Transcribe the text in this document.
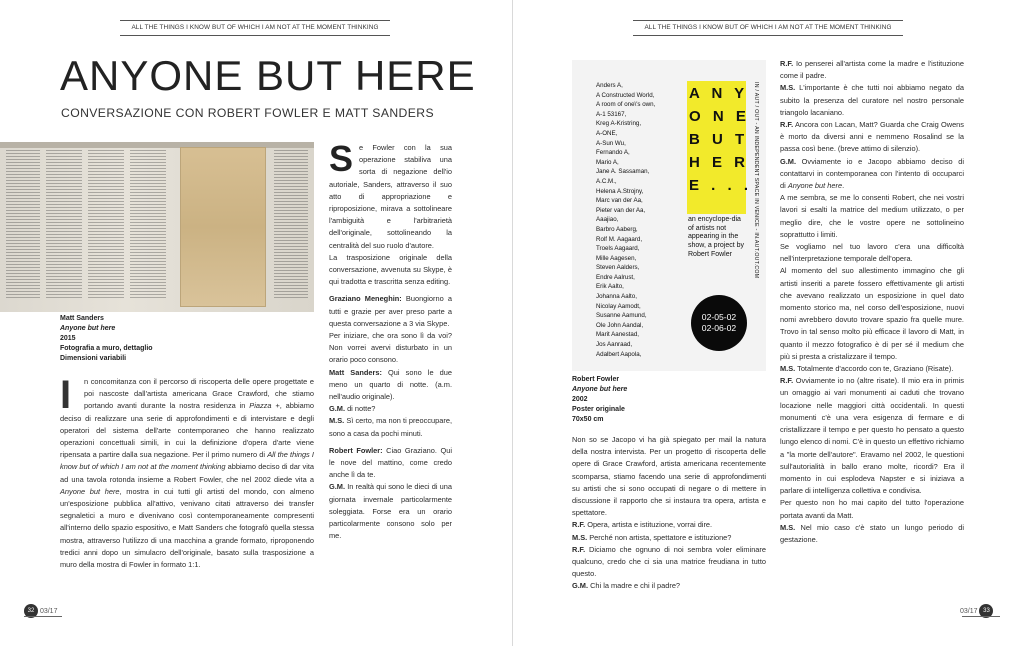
ALL THE THINGS I KNOW BUT OF WHICH I AM NOT AT THE MOMENT THINKING
ANYONE BUT HERE
CONVERSAZIONE CON ROBERT FOWLER E MATT SANDERS
Matt Sanders
Anyone but here
2015
Fotografia a muro, dettaglio
Dimensioni variabili

I	n concomitanza con il percorso di riscoperta delle opere progettate e poi nascoste dall'artista americana Grace Crawford, che stiamo portando avanti durante la nostra residenza in Piazza +, abbiamo deciso di realizzare una serie di approfondimenti e di intervistare e degli operatori del sistema dell'arte contemporaneo che hanno realizzato operazioni concettuali simili, in cui la definizione d'opera d'arte viene ripensata a partire dalla sua negazione. Per il primo numero di All the things I know but of which I am not at the moment thinking abbiamo deciso di dar vita ad una tavola rotonda insieme a Robert Fowler, che nel 2002 diede vita a Anyone but here, mostra in cui tutti gli artisti del mondo, con almeno un'esposizione pubblica all'attivo, venivano citati attraverso dei transfer segnaletici a muro e divenivano così contemporaneamente compresenti all'interno dello spazio espositivo, e Matt Sanders che fotografò quella stessa mostra, attraverso l'utilizzo di una macchina a grande formato, riproponendo tredici anni dopo un simulacro dell'originale, basato sulla trasposizione a muro della mostra di Fowler in formato 1:1.

Se Fowler con la sua operazione stabiliva una sorta di negazione dell'io autoriale, Sanders, attraverso il suo atto di appropriazione e riproposizione, mirava a sottolineare l'ambiguità e l'arbitrarietà dell'originale, sottolineando la centralità del suo ruolo d'autore.

La trasposizione originale della conversazione, avvenuta su Skype, è qui tradotta e trascritta senza editing.

Graziano Meneghin: Buongiorno a tutti e grazie per aver preso parte a questa conversazione a 3 via Skype.

Per iniziare, che ora sono lì da voi? Non vorrei avervi disturbato in un orario poco consono.

Matt Sanders: Qui sono le due meno un quarto di notte. (a.m. nell'audio originale).

G.M. di notte?

M.S. Sì certo, ma non ti preoccupare, sono a casa da pochi minuti.

Robert Fowler: Ciao Graziano. Qui le nove del mattino, come credo anche lì da te.

G.M. In realtà qui sono le dieci di una giornata invernale particolarmente soleggiata. Forse era un orario particolarmente consono solo per me.

32 03/17
ALL THE THINGS I KNOW BUT OF WHICH I AM NOT AT THE MOMENT THINKING
Anders A,
A Constructed World,
A room of one\'s own,
A-1 53167,
Kreg A-Kristring,
A-ONE,
A-Sun Wu,
Fernando A,
Mario A,
Jane A. Sassaman,
A.C.M.,
Helena A.Strojny,
Marc van der Aa,
Pieter van der Aa,
Aaajiao,
Barbro Aaberg,
Rolf M. Aagaard,
Troels Aagaard,
Mille Aagesen,
Steven Aalders,
Endre Aalrust,
Erik Aalto,
Johanna Aalto,
Nicolay Aamodt,
Susanne Aamund,
Ole John Aandal,
Marit Aanestad,
Jos Aanraad,
Adalbert Aapola,
A N Y
O N E
B U T
H E R
E . . .
an encyclope-dia of artists not appearing in the show, a project by Robert Fowler
02-05-02
02-06-02
IN / AUT / OUT - AN INDEPENDENT SPACE IN VENICE - IN.AUT.OUT.COM
Robert Fowler
Anyone but here
2002
Poster originale
70x50 cm

Non so se Jacopo vi ha già spiegato per mail la natura della nostra intervista. Per un progetto di riscoperta delle opere di Grace Crawford, artista americana recentemente scomparsa, stiamo facendo una serie di approfondimenti su artisti che si sono occupati di negare o di mettere in discussione il rapporto che si instaura tra opera, artista e spettatore.

R.F. Opera, artista e istituzione, vorrai dire.

M.S. Perché non artista, spettatore e istituzione?

R.F. Diciamo che ognuno di noi sembra voler eliminare qualcuno, credo che ci sia una matrice freudiana in tutto questo.

G.M. Chi la madre e chi il padre?

R.F. Io penserei all'artista come la madre e l'istituzione come il padre.

M.S. L'importante è che tutti noi abbiamo negato da subito la presenza del curatore nel nostro personale triangolo lacaniano.

R.F. Ancora con Lacan, Matt? Guarda che Craig Owens è morto da diversi anni e nemmeno Rosalind se la passa così bene. (breve attimo di silenzio).

G.M. Ovviamente io e Jacopo abbiamo deciso di contattarvi in contemporanea con l'intento di occuparci di Anyone but here.

A me sembra, se me lo consenti Robert, che nei vostri lavori si esalti la matrice del medium utilizzato, o per meglio dire, che le vostre opere ne sottolineino soprattutto i limiti.

Se vogliamo nel tuo lavoro c'era una difficoltà nell'interpretazione temporale dell'opera.

Al momento del suo allestimento immagino che gli artisti inseriti a parete fossero effettivamente gli artisti che avevano realizzato un esposizione in quel dato momento storico ma, nel corso dell'esposizione, nuovi nomi avrebbero dovuto trovare spazio fra quelle mure. Trovo in tal senso molto più efficace il lavoro di Matt, in quanto il mezzo fotografico è di per sé il medium che più si presta a cristalizzare il tempo.

M.S. Totalmente d'accordo con te, Graziano (Risate).

R.F. Ovviamente io no (altre risate). Il mio era in primis un omaggio ai vari monumenti ai caduti che trovano locazione nelle maggiori città occidentali. In questi monumenti c'è una vera esigenza di fermare e di cristallizzare il tempo e per questo ho pensato a questo lungo elenco di nomi. C'è in questo un effettivo richiamo a "la morte dell'autore". Eravamo nel 2002, le questioni sull'autorialità in ballo erano molte, ricordi? Era il momento in cui esplodeva Napster e si iniziava a parlare di intelligenza collettiva e condivisa.

Per questo non ho mai capito del tutto l'operazione portata avanti da Matt.

M.S. Nel mio caso c'è stato un lungo periodo di gestazione.

03/17 33
